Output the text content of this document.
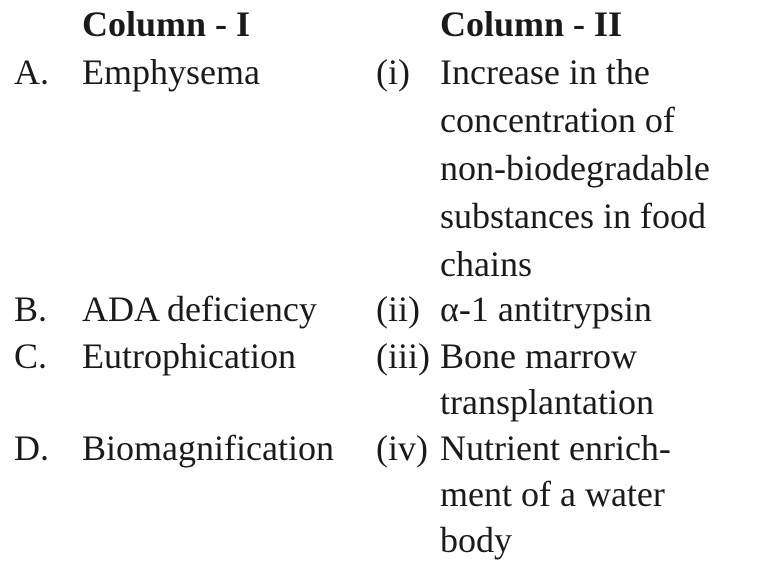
Column - I	Column - II
A. Emphysema	(i) Increase in the
concentration of
non-biodegradable
substances in food
chains
B. ADA deficiency (ii) α-1 antitrypsin
C. Eutrophication (iii) Bone marrow
transplantation
D. Biomagnification (iv) Nutrient enrich-
ment of a water
body
